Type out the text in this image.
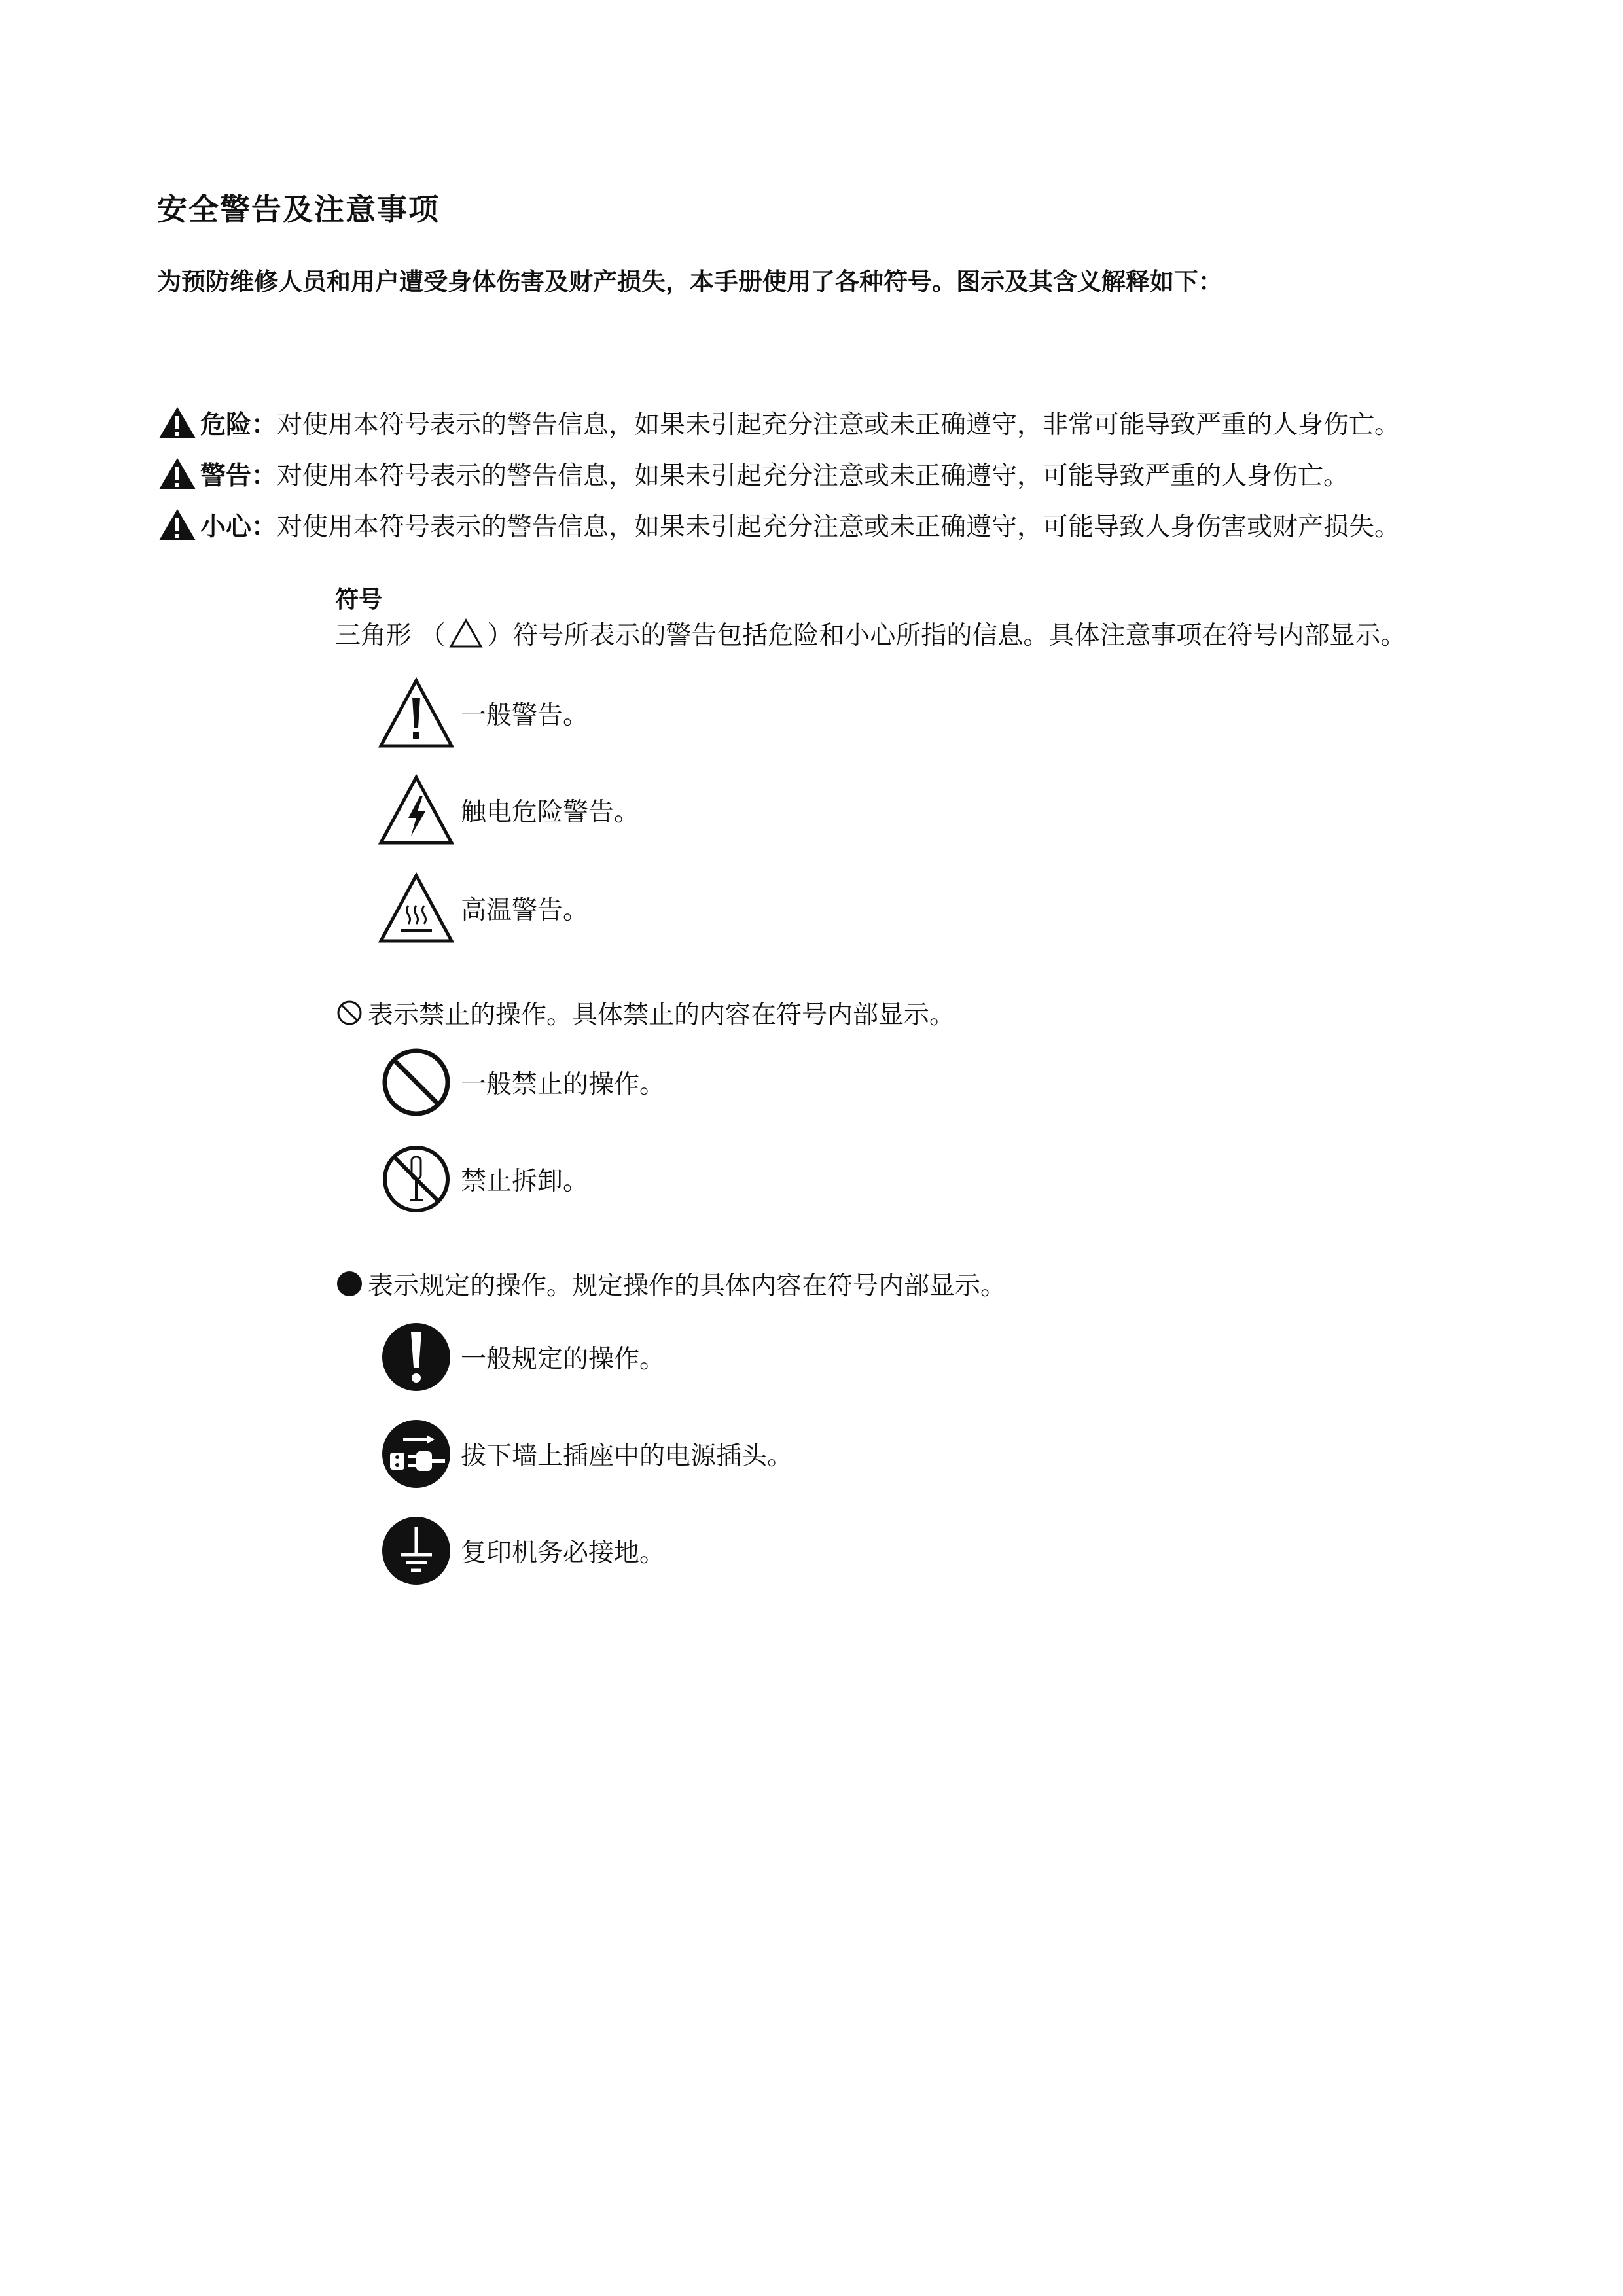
安全警告及注意事项
为预防维修人员和用户遭受身体伤害及财产损失，本手册使用了各种符号。图示及其含义解释如下：
危险： 对使用本符号表示的警告信息，如果未引起充分注意或未正确遵守，非常可能导致严重的人身伤亡。
警告： 对使用本符号表示的警告信息，如果未引起充分注意或未正确遵守，可能导致严重的人身伤亡。
小心： 对使用本符号表示的警告信息，如果未引起充分注意或未正确遵守，可能导致人身伤害或财产损失。
符号
三角形 （ ）符号所表示的警告包括危险和小心所指的信息。具体注意事项在符号内部显示。
一般警告。
触电危险警告。
高温警告。
表示禁止的操作。具体禁止的内容在符号内部显示。
一般禁止的操作。
禁止拆卸。
表示规定的操作。规定操作的具体内容在符号内部显示。
一般规定的操作。
拔下墙上插座中的电源插头。
复印机务必接地。
